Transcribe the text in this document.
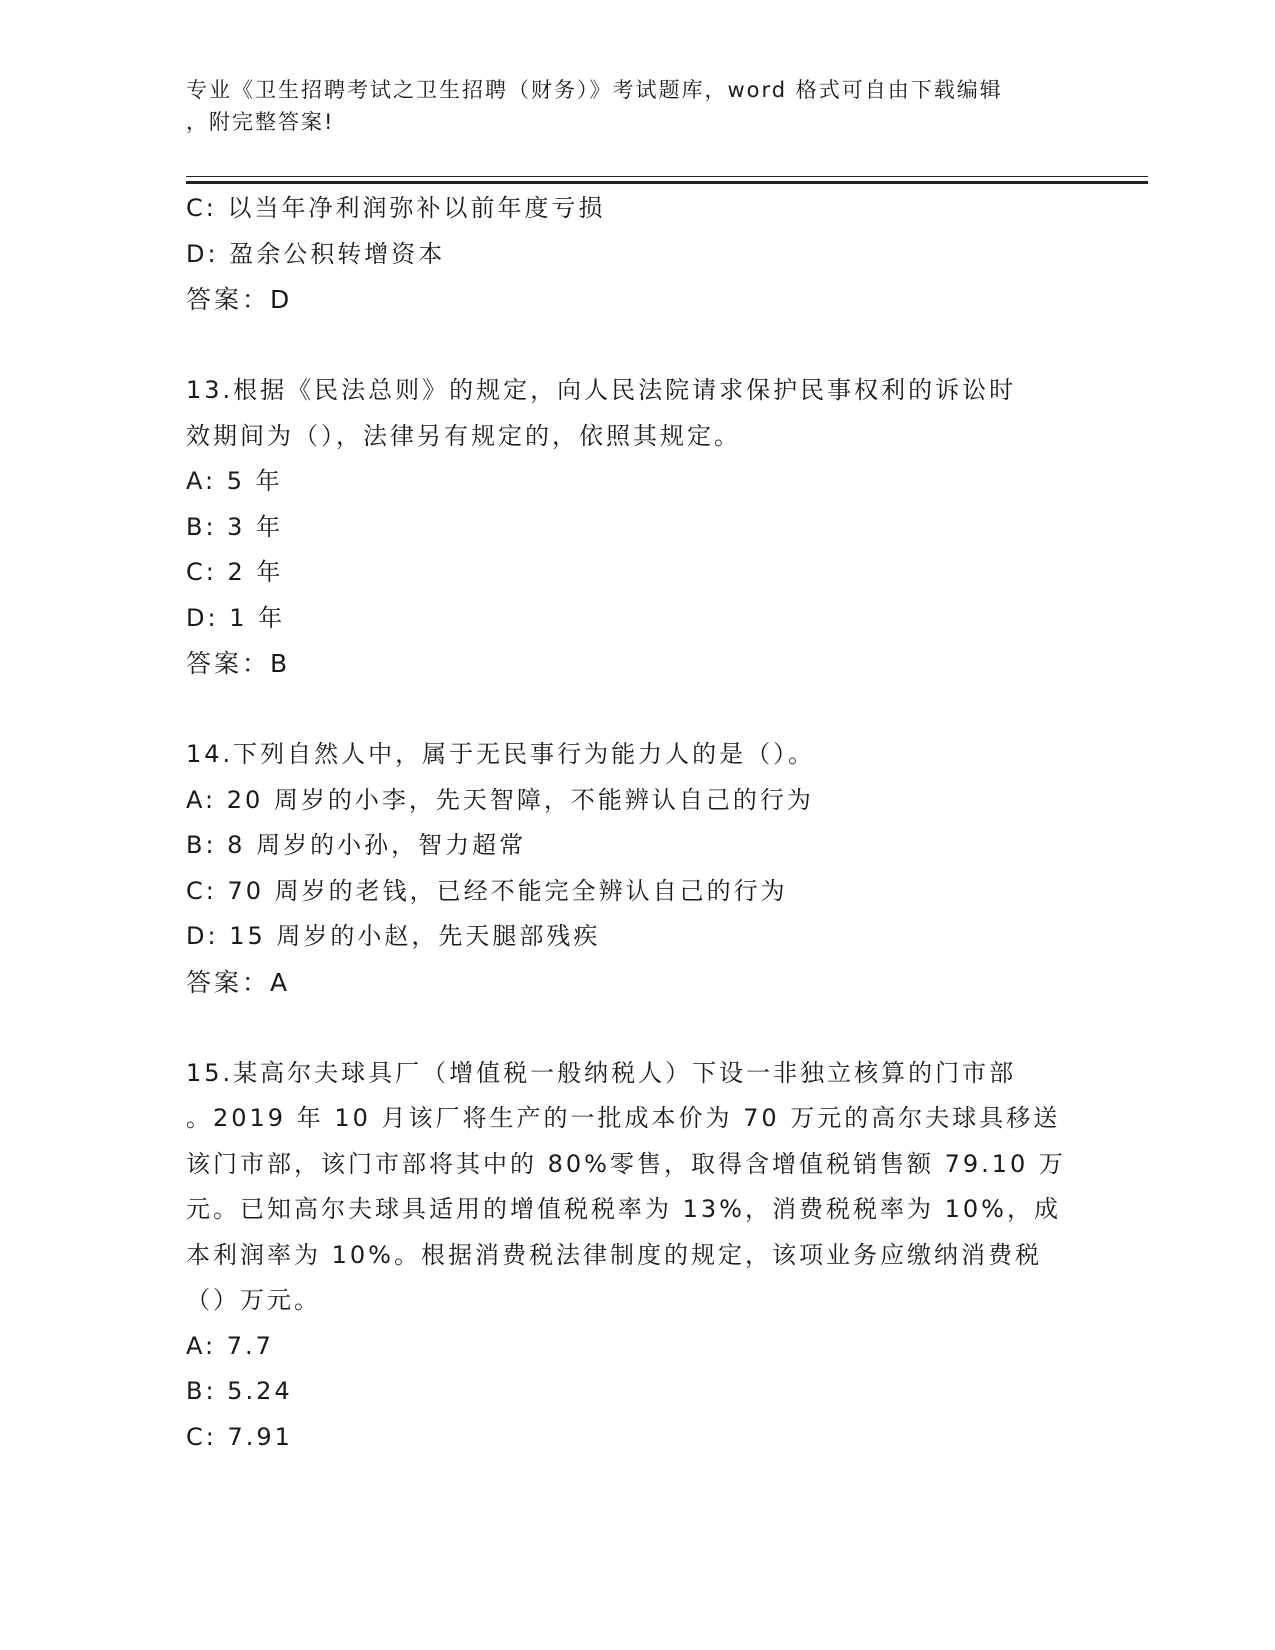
专业《卫生招聘考试之卫生招聘（财务）》考试题库，word 格式可自由下载编辑
，附完整答案!
C: 以当年净利润弥补以前年度亏损
D: 盈余公积转增资本
答案：D
13.根据《民法总则》的规定，向人民法院请求保护民事权利的诉讼时
效期间为（），法律另有规定的，依照其规定。
A: 5 年
B: 3 年
C: 2 年
D: 1 年
答案：B
14.下列自然人中，属于无民事行为能力人的是（）。
A: 20 周岁的小李，先天智障，不能辨认自己的行为
B: 8 周岁的小孙，智力超常
C: 70 周岁的老钱，已经不能完全辨认自己的行为
D: 15 周岁的小赵，先天腿部残疾
答案：A
15.某高尔夫球具厂（增值税一般纳税人）下设一非独立核算的门市部
。2019 年 10 月该厂将生产的一批成本价为 70 万元的高尔夫球具移送
该门市部，该门市部将其中的 80%零售，取得含增值税销售额 79.10 万
元。已知高尔夫球具适用的增值税税率为 13%，消费税税率为 10%，成
本利润率为 10%。根据消费税法律制度的规定，该项业务应缴纳消费税
（）万元。
A: 7.7
B: 5.24
C: 7.91
